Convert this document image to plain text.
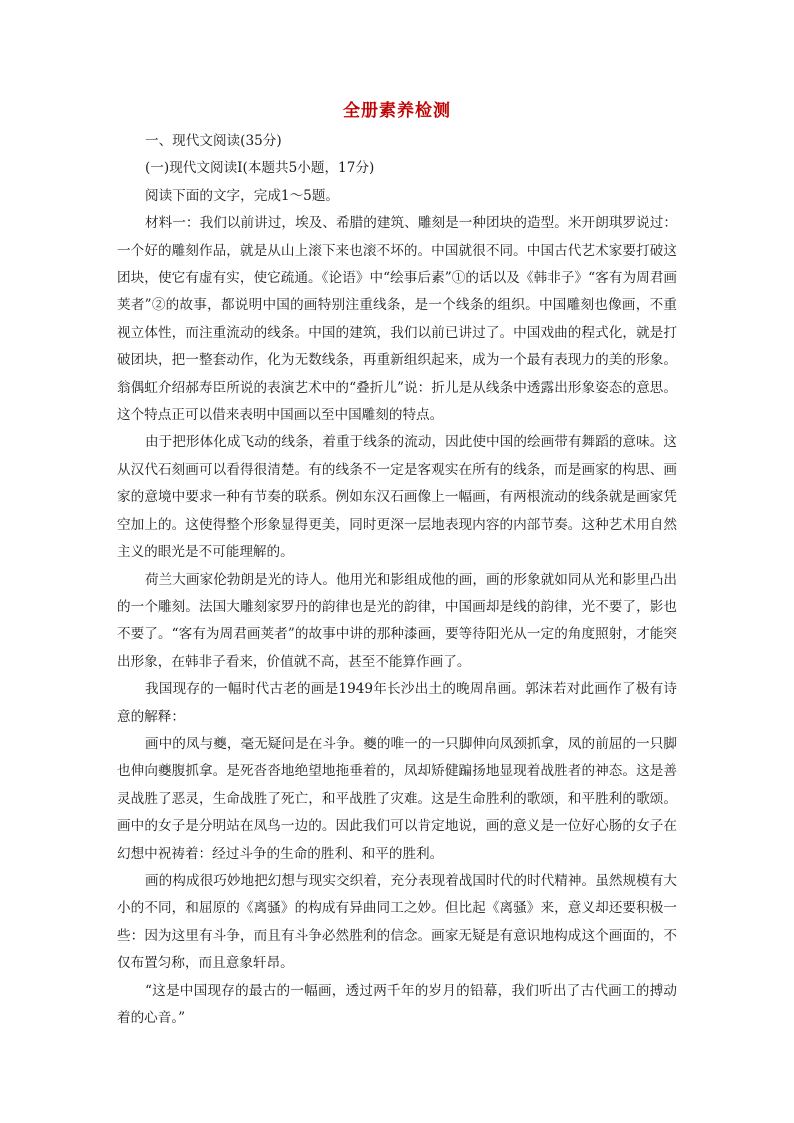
全册素养检测

一、现代文阅读(35分)

(一)现代文阅读Ⅰ(本题共5小题，17分)

阅读下面的文字，完成1～5题。

材料一：我们以前讲过，埃及、希腊的建筑、雕刻是一种团块的造型。米开朗琪罗说过：一个好的雕刻作品，就是从山上滚下来也滚不坏的。中国就很不同。中国古代艺术家要打破这团块，使它有虚有实，使它疏通。《论语》中“绘事后素”①的话以及《韩非子》“客有为周君画荚者”②的故事，都说明中国的画特别注重线条，是一个线条的组织。中国雕刻也像画，不重视立体性，而注重流动的线条。中国的建筑，我们以前已讲过了。中国戏曲的程式化，就是打破团块，把一整套动作，化为无数线条，再重新组织起来，成为一个最有表现力的美的形象。翁偶虹介绍郝寿臣所说的表演艺术中的“叠折儿”说：折儿是从线条中透露出形象姿态的意思。这个特点正可以借来表明中国画以至中国雕刻的特点。

由于把形体化成飞动的线条，着重于线条的流动，因此使中国的绘画带有舞蹈的意味。这从汉代石刻画可以看得很清楚。有的线条不一定是客观实在所有的线条，而是画家的构思、画家的意境中要求一种有节奏的联系。例如东汉石画像上一幅画，有两根流动的线条就是画家凭空加上的。这使得整个形象显得更美，同时更深一层地表现内容的内部节奏。这种艺术用自然主义的眼光是不可能理解的。

荷兰大画家伦勃朗是光的诗人。他用光和影组成他的画，画的形象就如同从光和影里凸出的一个雕刻。法国大雕刻家罗丹的韵律也是光的韵律，中国画却是线的韵律，光不要了，影也不要了。“客有为周君画荚者”的故事中讲的那种漆画，要等待阳光从一定的角度照射，才能突出形象，在韩非子看来，价值就不高，甚至不能算作画了。

我国现存的一幅时代古老的画是1949年长沙出土的晚周帛画。郭沫若对此画作了极有诗意的解释：

画中的凤与夔，毫无疑问是在斗争。夔的唯一的一只脚伸向凤颈抓拿，凤的前屈的一只脚也伸向夔腹抓拿。是死沓沓地绝望地拖垂着的，凤却矫健蹁扬地显现着战胜者的神态。这是善灵战胜了恶灵，生命战胜了死亡，和平战胜了灾难。这是生命胜利的歌颂，和平胜利的歌颂。画中的女子是分明站在凤鸟一边的。因此我们可以肯定地说，画的意义是一位好心肠的女子在幻想中祝祷着：经过斗争的生命的胜利、和平的胜利。

画的构成很巧妙地把幻想与现实交织着，充分表现着战国时代的时代精神。虽然规模有大小的不同，和屈原的《离骚》的构成有异曲同工之妙。但比起《离骚》来，意义却还要积极一些：因为这里有斗争，而且有斗争必然胜利的信念。画家无疑是有意识地构成这个画面的，不仅布置匀称，而且意象轩昂。

“这是中国现存的最古的一幅画，透过两千年的岁月的铅幕，我们听出了古代画工的搏动着的心音。”
